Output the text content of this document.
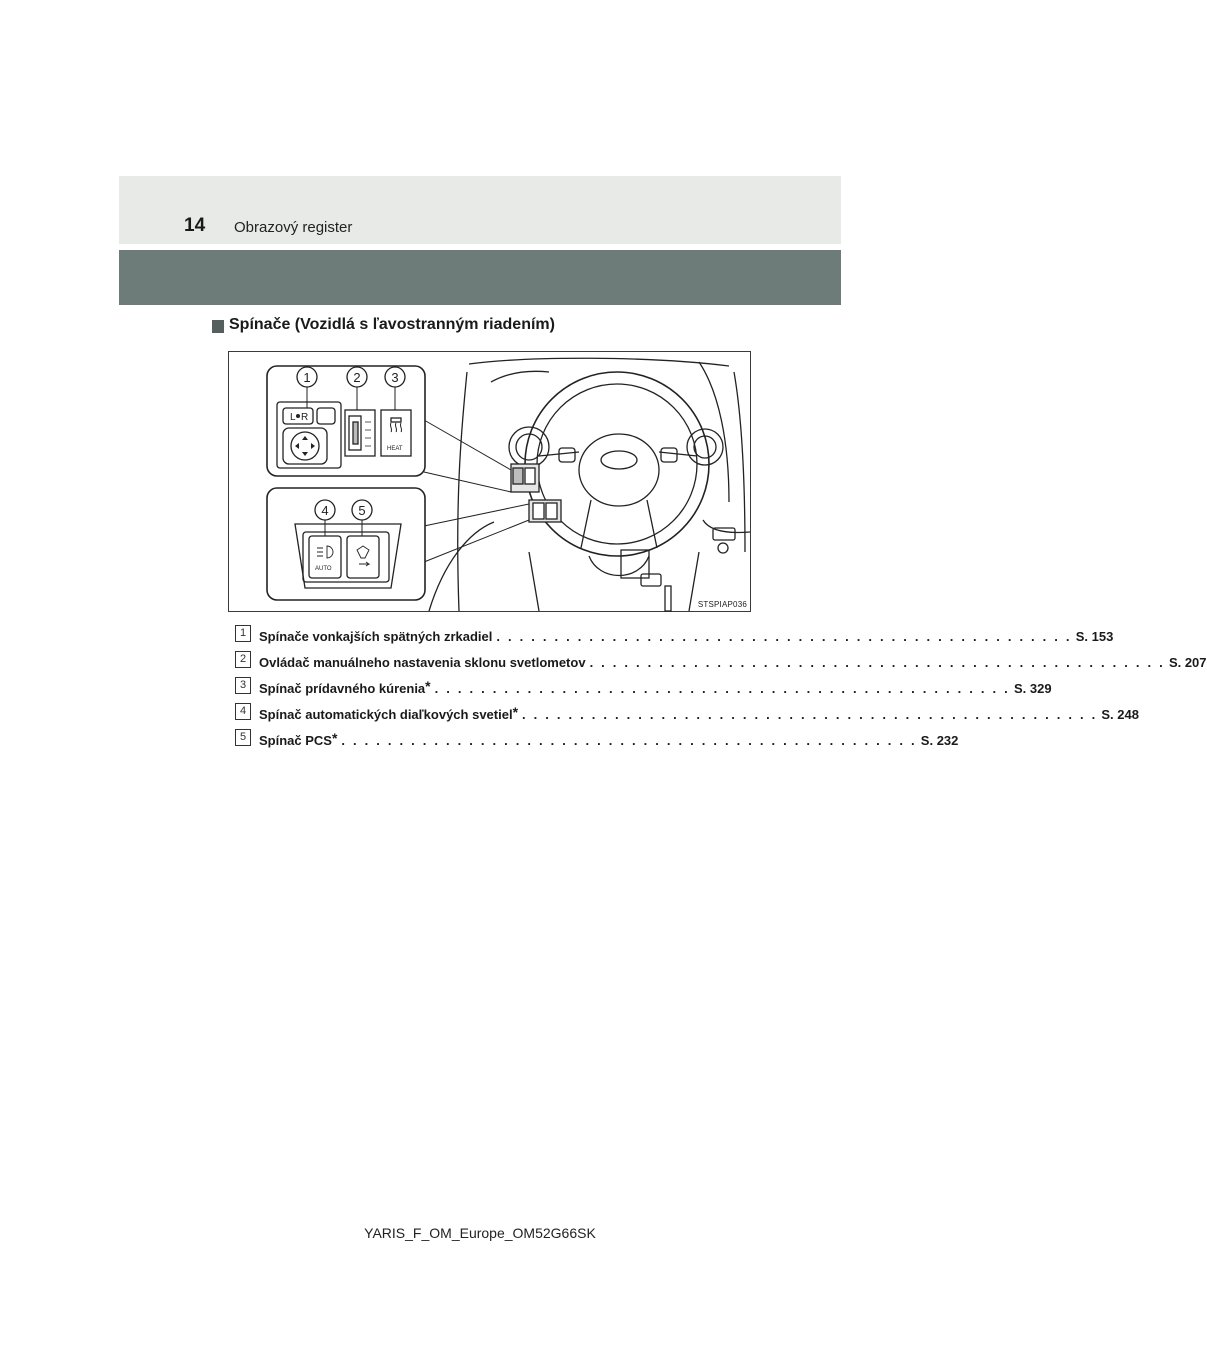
14 Obrazový register
Spínače (Vozidlá s ľavostranným riadením)
L R
HEAT
1	2 3
AUTO
4 5
STSPIAP036
1 Spínače vonkajších spätných zrkadiel . . . . . . . . . . . . . . . . . . . . . . . . . . . . . . . . . . . . . . . . . . . . . . . . . . S. 153
2 Ovládač manuálneho nastavenia sklonu svetlometov . . . . . . . . . . . . . . . . . . . . . . . . . . . . . . . . . . . . . . . . . . . . . . . . . . S. 207
3 Spínač prídavného kúrenia* . . . . . . . . . . . . . . . . . . . . . . . . . . . . . . . . . . . . . . . . . . . . . . . . . . S. 329
4 Spínač automatických diaľkových svetiel* . . . . . . . . . . . . . . . . . . . . . . . . . . . . . . . . . . . . . . . . . . . . . . . . . . S. 248
5 Spínač PCS* . . . . . . . . . . . . . . . . . . . . . . . . . . . . . . . . . . . . . . . . . . . . . . . . . . S. 232
YARIS_F_OM_Europe_OM52G66SK
